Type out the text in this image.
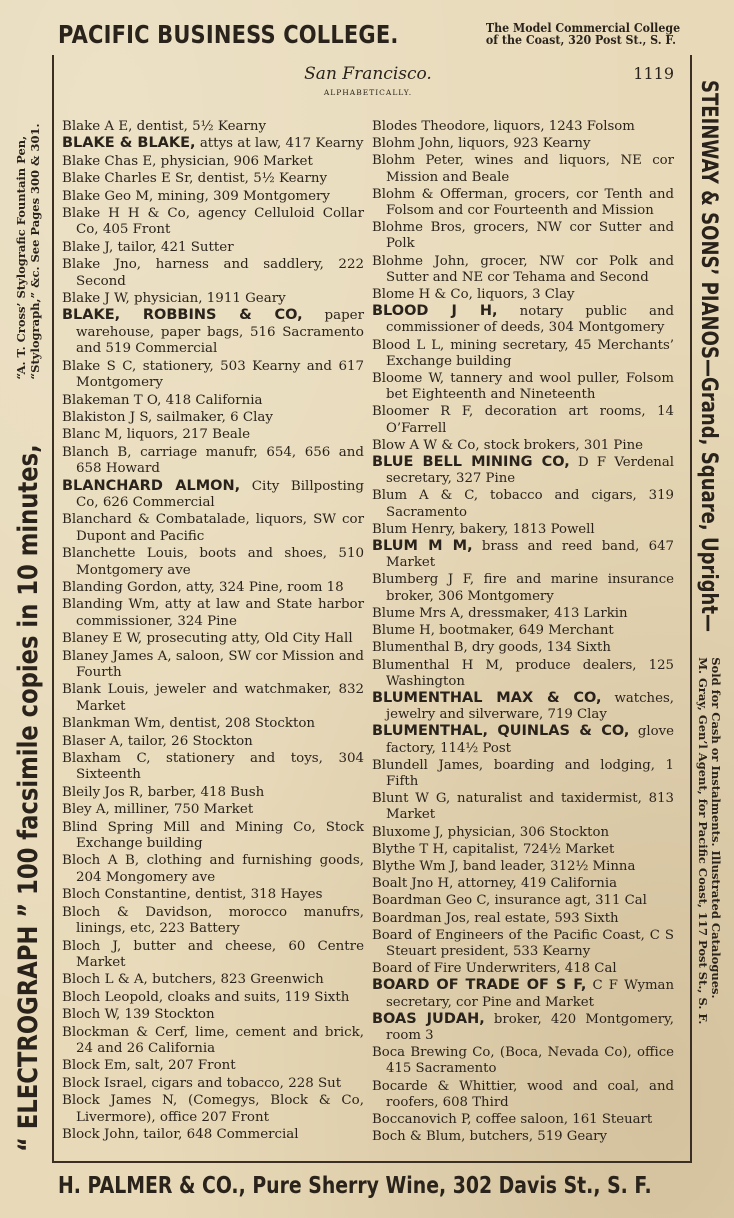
PACIFIC BUSINESS COLLEGE.	The Model Commercial College
of the Coast, 320 Post St., S. F.
San Francisco.	1119
ALPHABETICALLY.
Blake A E, dentist, 5½ Kearny
BLAKE & BLAKE, attys at law, 417 Kearny
Blake Chas E, physician, 906 Market
Blake Charles E Sr, dentist, 5½ Kearny
Blake Geo M, mining, 309 Montgomery
Blake H H & Co, agency Celluloid Collar Co, 405 Front
Blake J, tailor, 421 Sutter
Blake Jno, harness and saddlery, 222 Second
Blake J W, physician, 1911 Geary
BLAKE, ROBBINS & CO, paper warehouse, paper bags, 516 Sacramento and 519 Commercial
Blake S C, stationery, 503 Kearny and 617 Montgomery
Blakeman T O, 418 California
Blakiston J S, sailmaker, 6 Clay
Blanc M, liquors, 217 Beale
Blanch B, carriage manufr, 654, 656 and 658 Howard
BLANCHARD ALMON, City Billposting Co, 626 Commercial
Blanchard & Combatalade, liquors, SW cor Dupont and Pacific
Blanchette Louis, boots and shoes, 510 Montgomery ave
Blanding Gordon, atty, 324 Pine, room 18
Blanding Wm, atty at law and State harbor commissioner, 324 Pine
Blaney E W, prosecuting atty, Old City Hall
Blaney James A, saloon, SW cor Mission and Fourth
Blank Louis, jeweler and watchmaker, 832 Market
Blankman Wm, dentist, 208 Stockton
Blaser A, tailor, 26 Stockton
Blaxham C, stationery and toys, 304 Sixteenth
Bleily Jos R, barber, 418 Bush
Bley A, milliner, 750 Market
Blind Spring Mill and Mining Co, Stock Exchange building
Bloch A B, clothing and furnishing goods, 204 Mongomery ave
Bloch Constantine, dentist, 318 Hayes
Bloch & Davidson, morocco manufrs, linings, etc, 223 Battery
Bloch J, butter and cheese, 60 Centre Market
Bloch L & A, butchers, 823 Greenwich
Bloch Leopold, cloaks and suits, 119 Sixth
Bloch W, 139 Stockton
Blockman & Cerf, lime, cement and brick, 24 and 26 California
Block Em, salt, 207 Front
Block Israel, cigars and tobacco, 228 Sut
Block James N, (Comegys, Block & Co, Livermore), office 207 Front
Block John, tailor, 648 Commercial
Blodes Theodore, liquors, 1243 Folsom
Blohm John, liquors, 923 Kearny
Blohm Peter, wines and liquors, NE cor Mission and Beale
Blohm & Offerman, grocers, cor Tenth and Folsom and cor Fourteenth and Mission
Blohme Bros, grocers, NW cor Sutter and Polk
Blohme John, grocer, NW cor Polk and Sutter and NE cor Tehama and Second
Blome H & Co, liquors, 3 Clay
BLOOD J H, notary public and commissioner of deeds, 304 Montgomery
Blood L L, mining secretary, 45 Merchants’ Exchange building
Bloome W, tannery and wool puller, Folsom bet Eighteenth and Nineteenth
Bloomer R F, decoration art rooms, 14 O’Farrell
Blow A W & Co, stock brokers, 301 Pine
BLUE BELL MINING CO, D F Verdenal secretary, 327 Pine
Blum A & C, tobacco and cigars, 319 Sacramento
Blum Henry, bakery, 1813 Powell
BLUM M M, brass and reed band, 647 Market
Blumberg J F, fire and marine insurance broker, 306 Montgomery
Blume Mrs A, dressmaker, 413 Larkin
Blume H, bootmaker, 649 Merchant
Blumenthal B, dry goods, 134 Sixth
Blumenthal H M, produce dealers, 125 Washington
BLUMENTHAL MAX & CO, watches, jewelry and silverware, 719 Clay
BLUMENTHAL, QUINLAS & CO, glove factory, 114½ Post
Blundell James, boarding and lodging, 1 Fifth
Blunt W G, naturalist and taxidermist, 813 Market
Bluxome J, physician, 306 Stockton
Blythe T H, capitalist, 724½ Market
Blythe Wm J, band leader, 312½ Minna
Boalt Jno H, attorney, 419 California
Boardman Geo C, insurance agt, 311 Cal
Boardman Jos, real estate, 593 Sixth
Board of Engineers of the Pacific Coast, C S Steuart president, 533 Kearny
Board of Fire Underwriters, 418 Cal
BOARD OF TRADE OF S F, C F Wyman secretary, cor Pine and Market
BOAS JUDAH, broker, 420 Montgomery, room 3
Boca Brewing Co, (Boca, Nevada Co), office 415 Sacramento
Bocarde & Whittier, wood and coal, and roofers, 608 Third
Boccanovich P, coffee saloon, 161 Steuart
Boch & Blum, butchers, 519 Geary
“ ELECTROGRAPH ” 100 facsimile copies in 10 minutes,
“A. T. Cross’ Stylografic Fountain Pen,
“Stylograph,” &c. See Pages 300 & 301.	STEINWAY & SONS’ PIANOS—Grand, Square, Upright—
Sold for Cash or Instalments. Illustrated Catalogues.
M. Gray, Gen’l Agent, for Pacific Coast, 117 Post St., S. F.
H. PALMER & CO., Pure Sherry Wine, 302 Davis St., S. F.
